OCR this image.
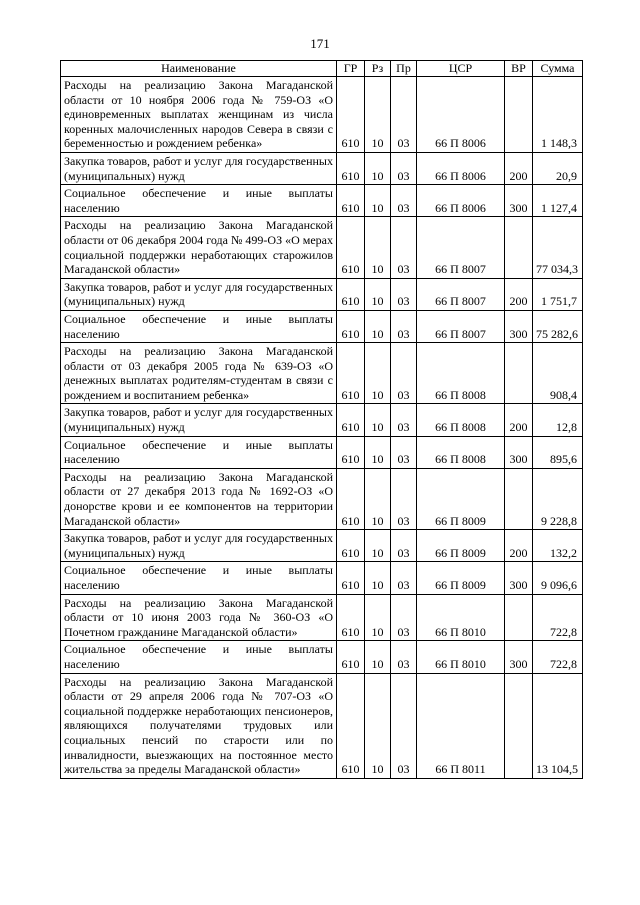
171
Наименование	ГР	Рз	Пр	ЦСР	ВР	Сумма
Расходы на реализацию Закона Магаданской области от 10 ноября 2006 года № 759-ОЗ «О единовременных выплатах женщинам из числа коренных малочисленных народов Севера в связи с беременностью и рождением ребенка»	610	10	03	66 П 8006		1 148,3
Закупка товаров, работ и услуг для государственных (муниципальных) нужд	610	10	03	66 П 8006	200	20,9
Социальное обеспечение и иные выплаты населению	610	10	03	66 П 8006	300	1 127,4
Расходы на реализацию Закона Магаданской области от 06 декабря 2004 года № 499-ОЗ «О мерах социальной поддержки неработающих старожилов Магаданской области»	610	10	03	66 П 8007		77 034,3
Закупка товаров, работ и услуг для государственных (муниципальных) нужд	610	10	03	66 П 8007	200	1 751,7
Социальное обеспечение и иные выплаты населению	610	10	03	66 П 8007	300	75 282,6
Расходы на реализацию Закона Магаданской области от 03 декабря 2005 года № 639-ОЗ «О денежных выплатах родителям-студентам в связи с рождением и воспитанием ребенка»	610	10	03	66 П 8008		908,4
Закупка товаров, работ и услуг для государственных (муниципальных) нужд	610	10	03	66 П 8008	200	12,8
Социальное обеспечение и иные выплаты населению	610	10	03	66 П 8008	300	895,6
Расходы на реализацию Закона Магаданской области от 27 декабря 2013 года № 1692-ОЗ «О донорстве крови и ее компонентов на территории Магаданской области»	610	10	03	66 П 8009		9 228,8
Закупка товаров, работ и услуг для государственных (муниципальных) нужд	610	10	03	66 П 8009	200	132,2
Социальное обеспечение и иные выплаты населению	610	10	03	66 П 8009	300	9 096,6
Расходы на реализацию Закона Магаданской области от 10 июня 2003 года № 360-ОЗ «О Почетном гражданине Магаданской области»	610	10	03	66 П 8010		722,8
Социальное обеспечение и иные выплаты населению	610	10	03	66 П 8010	300	722,8
Расходы на реализацию Закона Магаданской области от 29 апреля 2006 года № 707-ОЗ «О социальной поддержке неработающих пенсионеров, являющихся получателями трудовых или социальных пенсий по старости или по инвалидности, выезжающих на постоянное место жительства за пределы Магаданской области»	610	10	03	66 П 8011		13 104,5
